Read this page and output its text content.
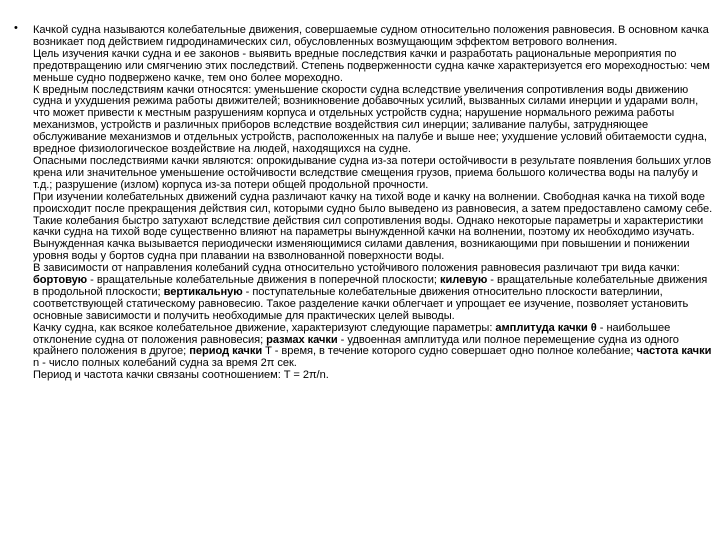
• Качкой судна называются колебательные движения, совершаемые судном относительно положения равновесия. В основном качка возникает под действием гидродинамических сил, обусловленных возмущающим эффектом ветрового волнения.

Цель изучения качки судна и ее законов - выявить вредные последствия качки и разработать рациональные мероприятия по предотвращению или смягчению этих последствий. Степень подверженности судна качке характеризуется его мореходностью: чем меньше судно подвержено качке, тем оно более мореходно.

К вредным последствиям качки относятся: уменьшение скорости судна вследствие увеличения сопротивления воды движению судна и ухудшения режима работы движителей; возникновение добавочных усилий, вызванных силами инерции и ударами волн, что может привести к местным разрушениям корпуса и отдельных устройств судна; нарушение нормального режима работы механизмов, устройств и различных приборов вследствие воздействия сил инерции; заливание палубы, затрудняющее обслуживание механизмов и отдельных устройств, расположенных на палубе и выше нее; ухудшение условий обитаемости судна, вредное физиологическое воздействие на людей, находящихся на судне.

Опасными последствиями качки являются: опрокидывание судна из-за потери остойчивости в результате появления больших углов крена или значительное уменьшение остойчивости вследствие смещения грузов, приема большого количества воды на палубу и т.д.; разрушение (излом) корпуса из-за потери общей продольной прочности.

При изучении колебательных движений судна различают качку на тихой воде и качку на волнении. Свободная качка на тихой воде происходит после прекращения действия сил, которыми судно было выведено из равновесия, а затем предоставлено самому себе. Такие колебания быстро затухают вследствие действия сил сопротивления воды. Однако некоторые параметры и характеристики качки судна на тихой воде существенно влияют на параметры вынужденной качки на волнении, поэтому их необходимо изучать. Вынужденная качка вызывается периодически изменяющимися силами давления, возникающими при повышении и понижении уровня воды у бортов судна при плавании на взволнованной поверхности воды.

В зависимости от направления колебаний судна относительно устойчивого положения равновесия различают три вида качки: бортовую - вращательные колебательные движения в поперечной плоскости; килевую - вращательные колебательные движения в продольной плоскости; вертикальную - поступательные колебательные движения относительно плоскости ватерлинии, соответствующей статическому равновесию. Такое разделение качки облегчает и упрощает ее изучение, позволяет установить основные зависимости и получить необходимые для практических целей выводы.

Качку судна, как всякое колебательное движение, характеризуют следующие параметры: амплитуда качки θ - наибольшее отклонение судна от положения равновесия; размах качки - удвоенная амплитуда или полное перемещение судна из одного крайнего положения в другое; период качки T - время, в течение которого судно совершает одно полное колебание; частота качки n - число полных колебаний судна за время 2π сек.

Период и частота качки связаны соотношением: T = 2π/n.
